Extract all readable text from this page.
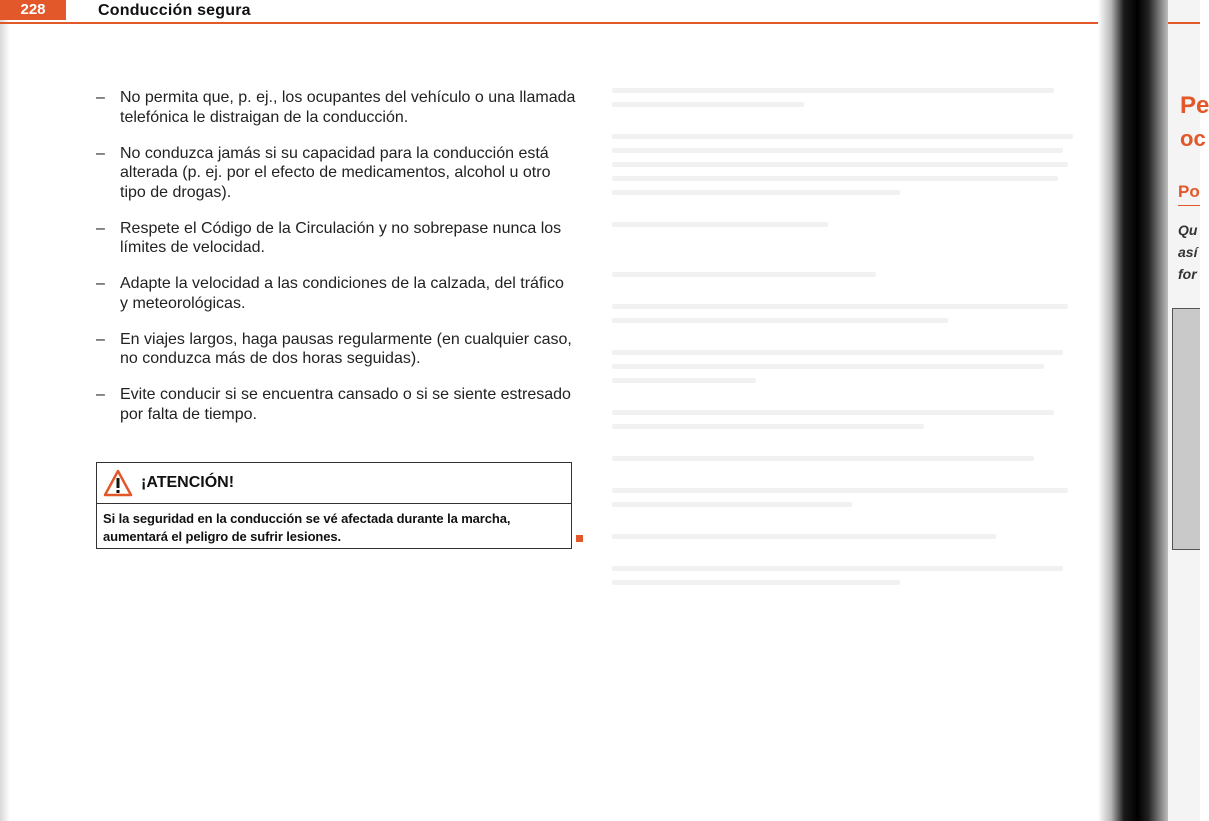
228	Conducción segura
– No permita que, p. ej., los ocupantes del vehículo o una llamada telefónica le distraigan de la conducción.
– No conduzca jamás si su capacidad para la conducción está alterada (p. ej. por el efecto de medicamentos, alcohol u otro tipo de drogas).
– Respete el Código de la Circulación y no sobrepase nunca los límites de velocidad.
– Adapte la velocidad a las condiciones de la calzada, del tráfico y meteorológicas.
– En viajes largos, haga pausas regularmente (en cualquier caso, no conduzca más de dos horas seguidas).
– Evite conducir si se encuentra cansado o si se siente estresado por falta de tiempo.
¡ATENCIÓN!
Si la seguridad en la conducción se vé afectada durante la marcha, aumentará el peligro de sufrir lesiones.
Pe
oc
Po
Qu
así
for
